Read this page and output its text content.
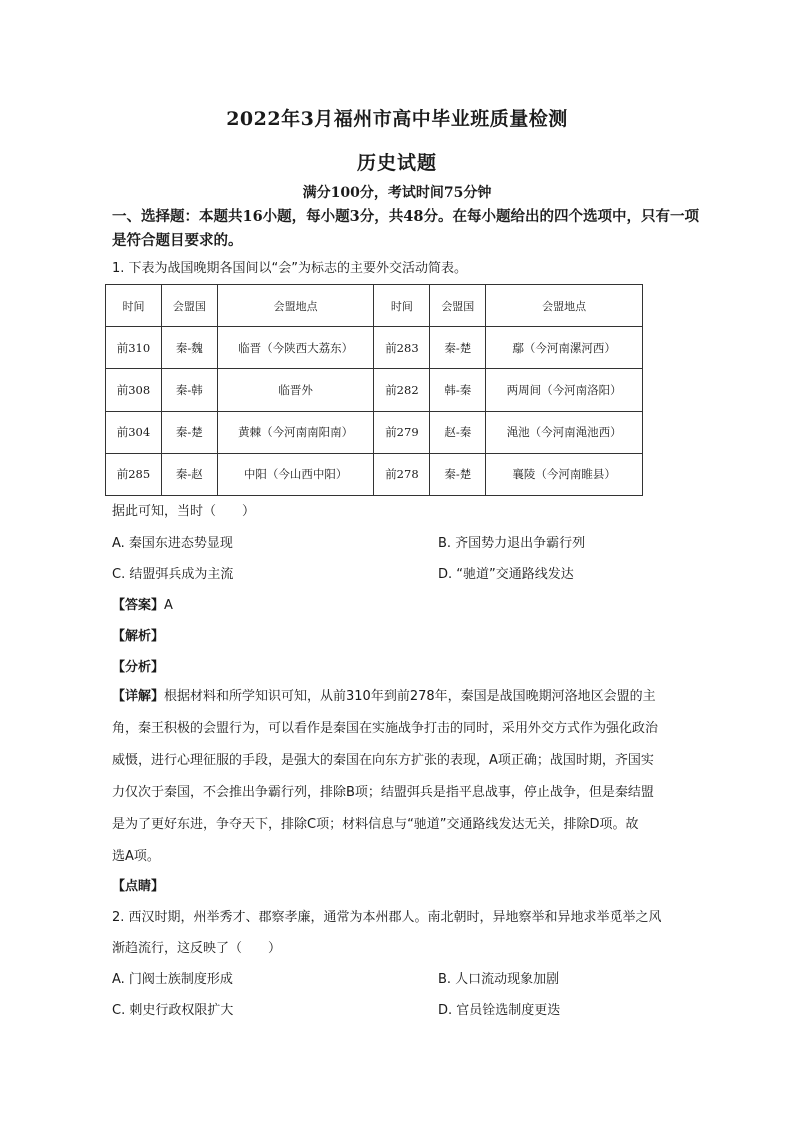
2022年3月福州市高中毕业班质量检测
历史试题
满分100分，考试时间75分钟
一、选择题：本题共16小题，每小题3分，共48分。在每小题给出的四个选项中，只有一项是符合题目要求的。
1. 下表为战国晚期各国间以“会”为标志的主要外交活动简表。
时间	会盟国	会盟地点	时间	会盟国	会盟地点
前310	秦-魏	临晋（今陕西大荔东）	前283	秦-楚	鄢（今河南漯河西）
前308	秦-韩	临晋外	前282	韩-秦	两周间（今河南洛阳）
前304	秦-楚	黄棘（今河南南阳南）	前279	赵-秦	渑池（今河南渑池西）
前285	秦-赵	中阳（今山西中阳）	前278	秦-楚	襄陵（今河南睢县）
据此可知，当时（　　）
A. 秦国东进态势显现	B. 齐国势力退出争霸行列
C. 结盟弭兵成为主流	D. “驰道”交通路线发达
【答案】A
【解析】
【分析】
【详解】根据材料和所学知识可知，从前310年到前278年，秦国是战国晚期河洛地区会盟的主
角，秦王积极的会盟行为，可以看作是秦国在实施战争打击的同时，采用外交方式作为强化政治
威慑，进行心理征服的手段，是强大的秦国在向东方扩张的表现，A项正确；战国时期，齐国实
力仅次于秦国，不会推出争霸行列，排除B项；结盟弭兵是指平息战事，停止战争，但是秦结盟
是为了更好东进，争夺天下，排除C项；材料信息与“驰道”交通路线发达无关，排除D项。故
选A项。
【点睛】
2. 西汉时期，州举秀才、郡察孝廉，通常为本州郡人。南北朝时，异地察举和异地求举觅举之风
渐趋流行，这反映了（　　）
A. 门阀士族制度形成	B. 人口流动现象加剧
C. 刺史行政权限扩大	D. 官员铨选制度更迭
